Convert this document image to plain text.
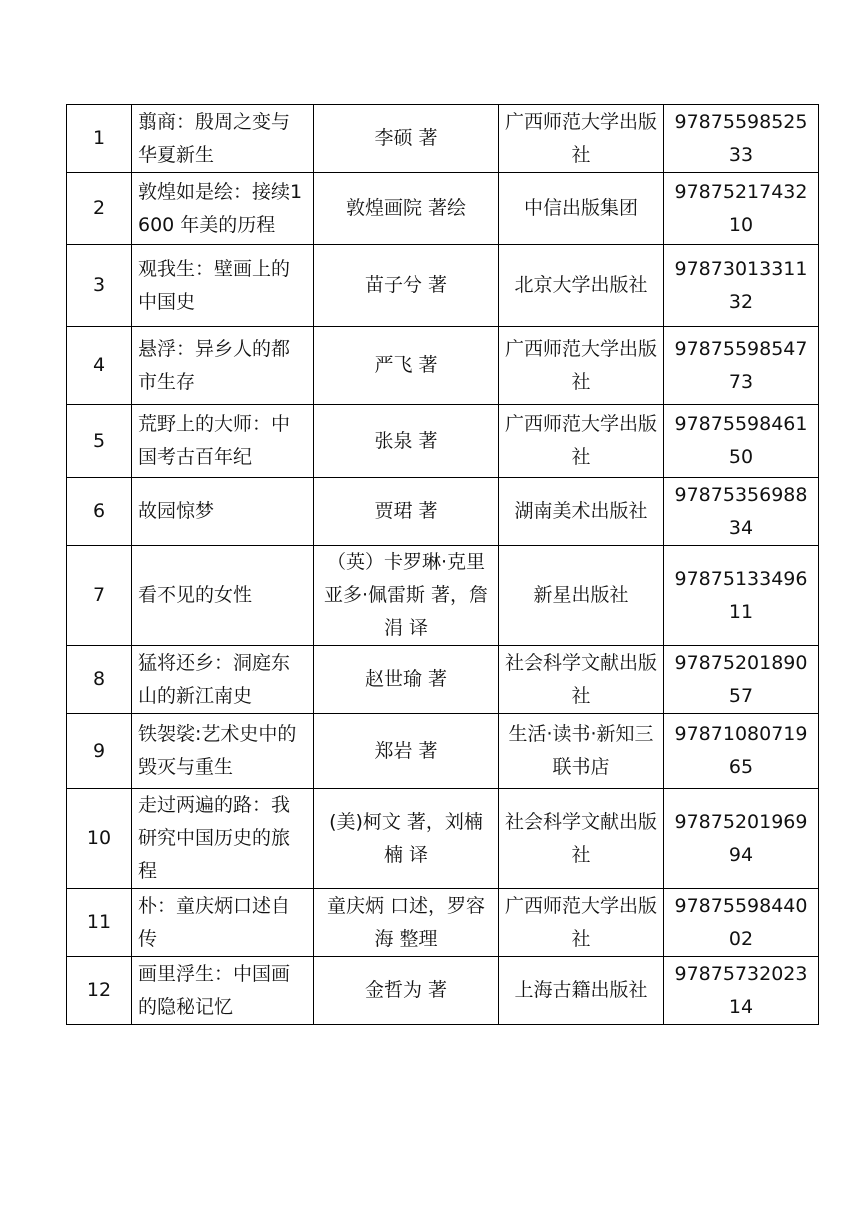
1	翦商：殷周之变与华夏新生	李硕 著	广西师范大学出版社	9787559852533
2	敦煌如是绘：接续1600 年美的历程	敦煌画院 著绘	中信出版集团	9787521743210
3	观我生：壁画上的中国史	苗子兮 著	北京大学出版社	9787301331132
4	悬浮：异乡人的都市生存	严飞 著	广西师范大学出版社	9787559854773
5	荒野上的大师：中国考古百年纪	张泉 著	广西师范大学出版社	9787559846150
6	故园惊梦	贾珺 著	湖南美术出版社	9787535698834
7	看不见的女性	（英）卡罗琳·克里亚多·佩雷斯 著，詹涓 译	新星出版社	9787513349611
8	猛将还乡：洞庭东山的新江南史	赵世瑜 著	社会科学文献出版社	9787520189057
9	铁袈裟:艺术史中的毁灭与重生	郑岩 著	生活·读书·新知三联书店	9787108071965
10	走过两遍的路：我研究中国历史的旅程	(美)柯文 著，刘楠楠 译	社会科学文献出版社	9787520196994
11	朴：童庆炳口述自传	童庆炳 口述，罗容海 整理	广西师范大学出版社	9787559844002
12	画里浮生：中国画的隐秘记忆	金哲为 著	上海古籍出版社	9787573202314
